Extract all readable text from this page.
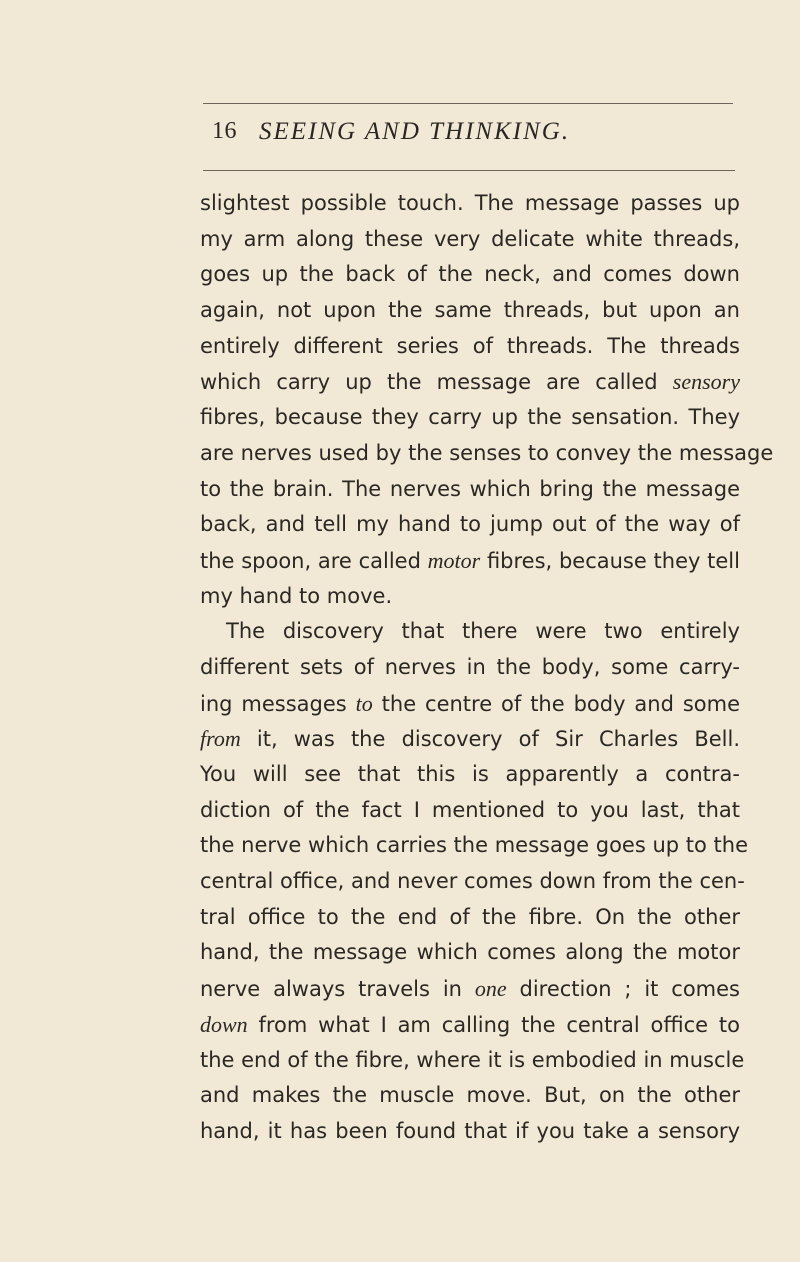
16 SEEING AND THINKING.
slightest possible touch. The message passes up
my arm along these very delicate white threads,
goes up the back of the neck, and comes down
again, not upon the same threads, but upon an
entirely different series of threads. The threads
which carry up the message are called sensory
fibres, because they carry up the sensation. They
are nerves used by the senses to convey the message
to the brain. The nerves which bring the message
back, and tell my hand to jump out of the way of
the spoon, are called motor fibres, because they tell
my hand to move.
The discovery that there were two entirely
different sets of nerves in the body, some carry-
ing messages to the centre of the body and some
from it, was the discovery of Sir Charles Bell.
You will see that this is apparently a contra-
diction of the fact I mentioned to you last, that
the nerve which carries the message goes up to the
central office, and never comes down from the cen-
tral office to the end of the fibre. On the other
hand, the message which comes along the motor
nerve always travels in one direction ; it comes
down from what I am calling the central office to
the end of the fibre, where it is embodied in muscle
and makes the muscle move. But, on the other
hand, it has been found that if you take a sensory
